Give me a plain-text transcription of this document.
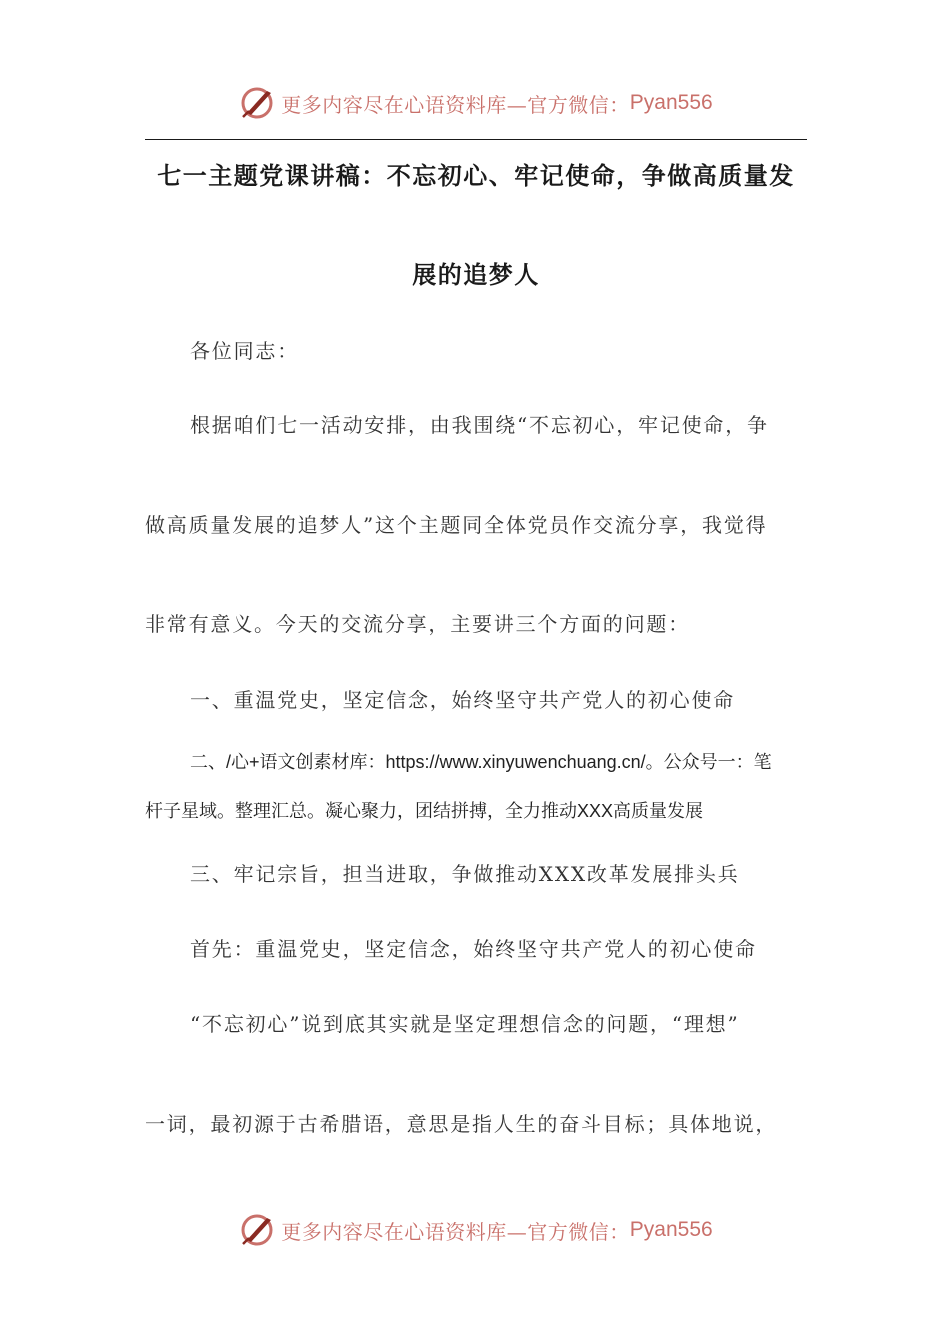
更多内容尽在心语资料库—官方微信： Pyan556
七一主题党课讲稿：不忘初心、牢记使命，争做高质量发
展的追梦人
各位同志：
根据咱们七一活动安排，由我围绕“不忘初心，牢记使命，争
做高质量发展的追梦人”这个主题同全体党员作交流分享，我觉得
非常有意义。今天的交流分享，主要讲三个方面的问题：
一、重温党史，坚定信念，始终坚守共产党人的初心使命
二、/心+语文创素材库：https://www.xinyuwenchuang.cn/。公众号一：笔
杆子星域。整理汇总。凝心聚力，团结拼搏，全力推动XXX高质量发展
三、牢记宗旨，担当进取，争做推动XXX改革发展排头兵
首先：重温党史，坚定信念，始终坚守共产党人的初心使命
“不忘初心”说到底其实就是坚定理想信念的问题，“理想”
一词，最初源于古希腊语，意思是指人生的奋斗目标；具体地说，
更多内容尽在心语资料库—官方微信： Pyan556
